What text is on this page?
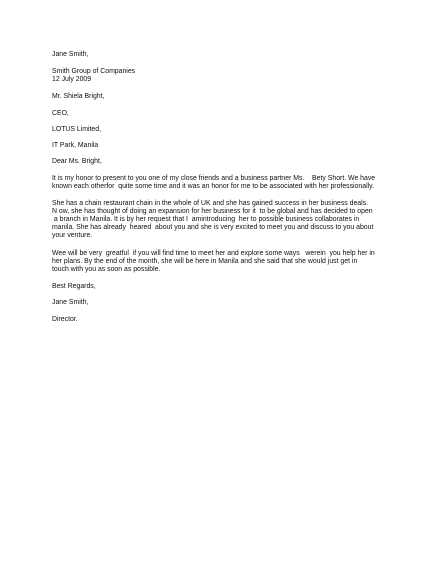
Jane Smith,
Smith Group of Companies
12 July 2009
Mr. Shiela Bright,
CEO,
LOTUS Limited,
IT Park, Manila
Dear Ms. Bright,
It is my honor to present to you one of my close friends and a business partner Ms.    Bety Short. We have
known each otherfor  quite some time and it was an honor for me to be associated with her professionally.
She has a chain restaurant chain in the whole of UK and she has gained success in her business deals.
N ow, she has thought of doing an expansion for her business for it  to be global and has decided to open
a branch in Manila. It is by her request that I  amintroducing  her to possible business collaborates in
manila. She has already  heared  about you and she is very excited to meet you and discuss to you about
your venture.
Wee will be very  greatful  if you will find time to meet her and explore some ways   werein  you help her in
her plans. By the end of the month, she will be here in Manila and she said that she would just get in
touch with you as soon as possible.
Best Regards,
Jane Smith,
Director.
